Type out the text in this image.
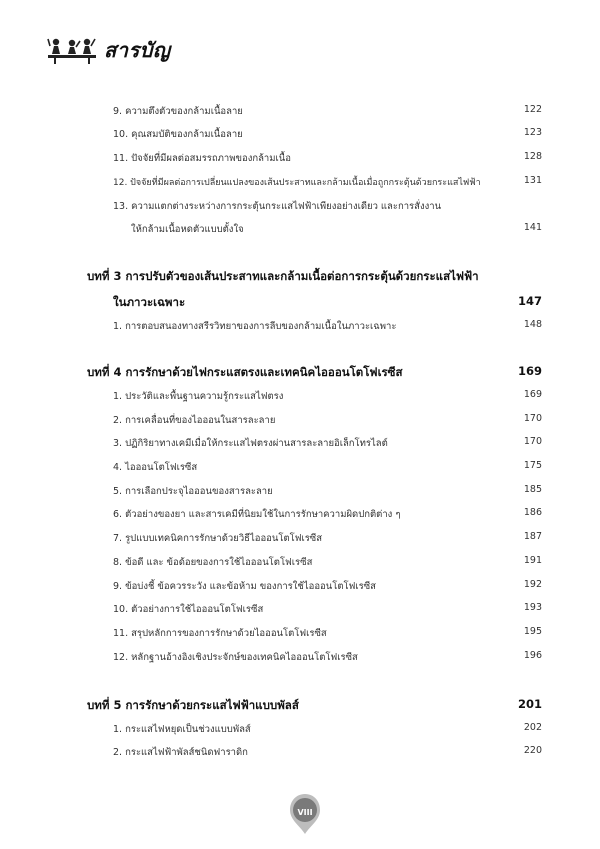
สารบัญ
9. ความตึงตัวของกล้ามเนื้อลาย	122
10. คุณสมบัติของกล้ามเนื้อลาย	123
11. ปัจจัยที่มีผลต่อสมรรถภาพของกล้ามเนื้อ	128
12. ปัจจัยที่มีผลต่อการเปลี่ยนแปลงของเส้นประสาทและกล้ามเนื้อเมื่อถูกกระตุ้นด้วยกระแสไฟฟ้า	131
13. ความแตกต่างระหว่างการกระตุ้นกระแสไฟฟ้าเพียงอย่างเดียว และการสั่งงาน
ให้กล้ามเนื้อหดตัวแบบตั้งใจ	141
บทที่ 3 การปรับตัวของเส้นประสาทและกล้ามเนื้อต่อการกระตุ้นด้วยกระแสไฟฟ้า
ในภาวะเฉพาะ	147
1. การตอบสนองทางสรีรวิทยาของการลีบของกล้ามเนื้อในภาวะเฉพาะ	148
บทที่ 4 การรักษาด้วยไฟกระแสตรงและเทคนิคไอออนโตโฟเรซีส	169
1. ประวัติและพื้นฐานความรู้กระแสไฟตรง	169
2. การเคลื่อนที่ของไอออนในสารละลาย	170
3. ปฏิกิริยาทางเคมีเมื่อให้กระแสไฟตรงผ่านสารละลายอิเล็กโทรไลต์	170
4. ไอออนโตโฟเรซีส	175
5. การเลือกประจุไอออนของสารละลาย	185
6. ตัวอย่างของยา และสารเคมีที่นิยมใช้ในการรักษาความผิดปกติต่าง ๆ	186
7. รูปแบบเทคนิคการรักษาด้วยวิธีไอออนโตโฟเรซีส	187
8. ข้อดี และ ข้อด้อยของการใช้ไอออนโตโฟเรซีส	191
9. ข้อบ่งชี้ ข้อควรระวัง และข้อห้าม ของการใช้ไอออนโตโฟเรซีส	192
10. ตัวอย่างการใช้ไอออนโตโฟเรซีส	193
11. สรุปหลักการของการรักษาด้วยไอออนโตโฟเรซีส	195
12. หลักฐานอ้างอิงเชิงประจักษ์ของเทคนิคไอออนโตโฟเรซีส	196
บทที่ 5 การรักษาด้วยกระแสไฟฟ้าแบบพัลส์	201
1. กระแสไฟหยุดเป็นช่วงแบบพัลส์	202
2. กระแสไฟฟ้าพัลส์ชนิดฟาราดิก	220
VIII
